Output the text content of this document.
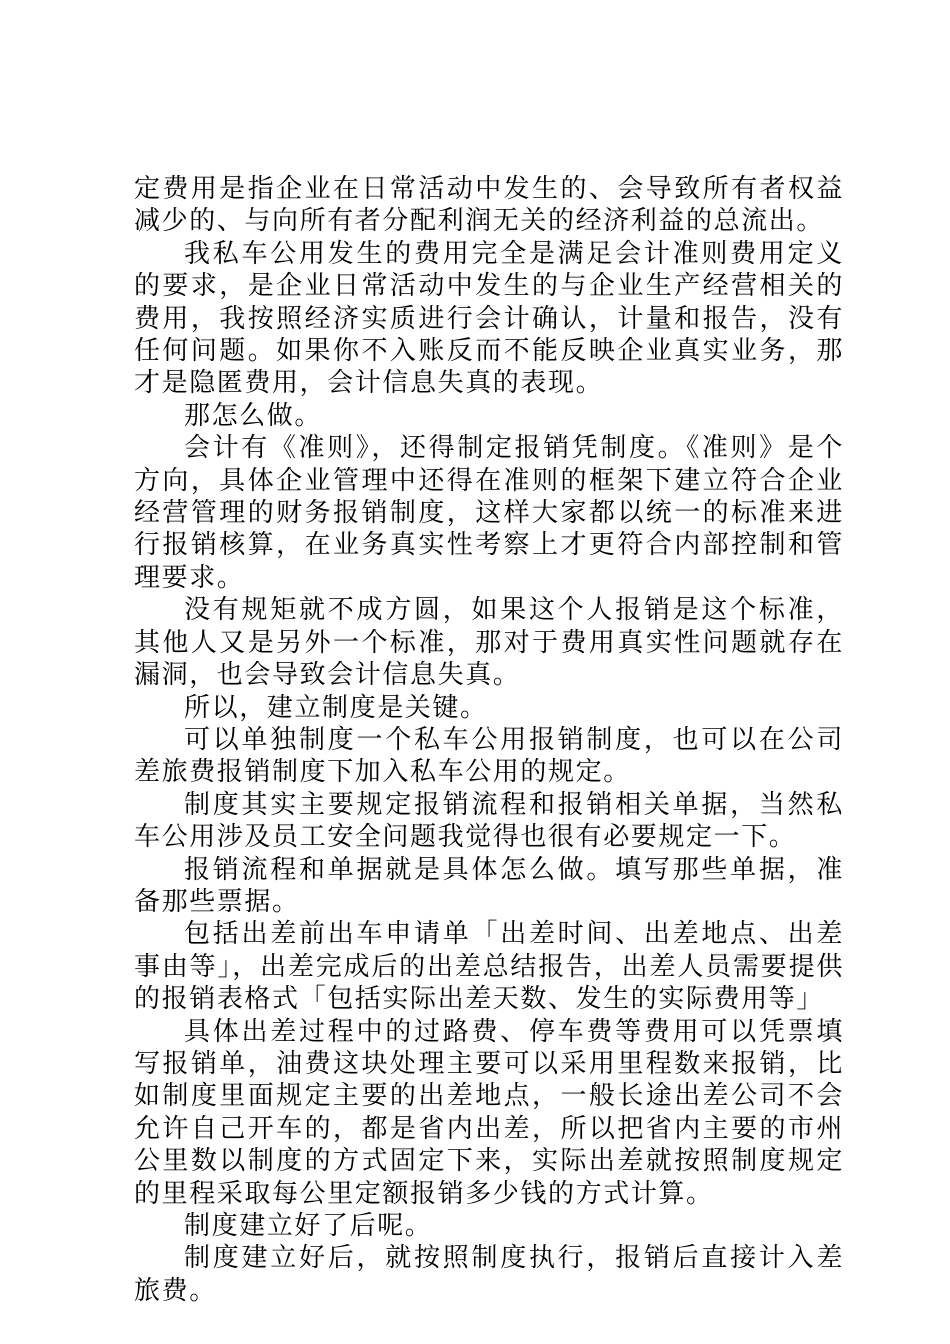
定费用是指企业在日常活动中发生的、会导致所有者权益减少的、与向所有者分配利润无关的经济利益的总流出。

我私车公用发生的费用完全是满足会计准则费用定义的要求，是企业日常活动中发生的与企业生产经营相关的费用，我按照经济实质进行会计确认，计量和报告，没有任何问题。如果你不入账反而不能反映企业真实业务，那才是隐匿费用，会计信息失真的表现。

那怎么做。

会计有《准则》，还得制定报销凭制度。《准则》是个方向，具体企业管理中还得在准则的框架下建立符合企业经营管理的财务报销制度，这样大家都以统一的标准来进行报销核算，在业务真实性考察上才更符合内部控制和管理要求。

没有规矩就不成方圆，如果这个人报销是这个标准，其他人又是另外一个标准，那对于费用真实性问题就存在漏洞，也会导致会计信息失真。

所以，建立制度是关键。

可以单独制度一个私车公用报销制度，也可以在公司差旅费报销制度下加入私车公用的规定。

制度其实主要规定报销流程和报销相关单据，当然私车公用涉及员工安全问题我觉得也很有必要规定一下。

报销流程和单据就是具体怎么做。填写那些单据，准备那些票据。

包括出差前出车申请单「出差时间、出差地点、出差事由等」，出差完成后的出差总结报告，出差人员需要提供的报销表格式「包括实际出差天数、发生的实际费用等」

具体出差过程中的过路费、停车费等费用可以凭票填写报销单，油费这块处理主要可以采用里程数来报销，比如制度里面规定主要的出差地点，一般长途出差公司不会允许自己开车的，都是省内出差，所以把省内主要的市州公里数以制度的方式固定下来，实际出差就按照制度规定的里程采取每公里定额报销多少钱的方式计算。

制度建立好了后呢。

制度建立好后，就按照制度执行，报销后直接计入差旅费。
